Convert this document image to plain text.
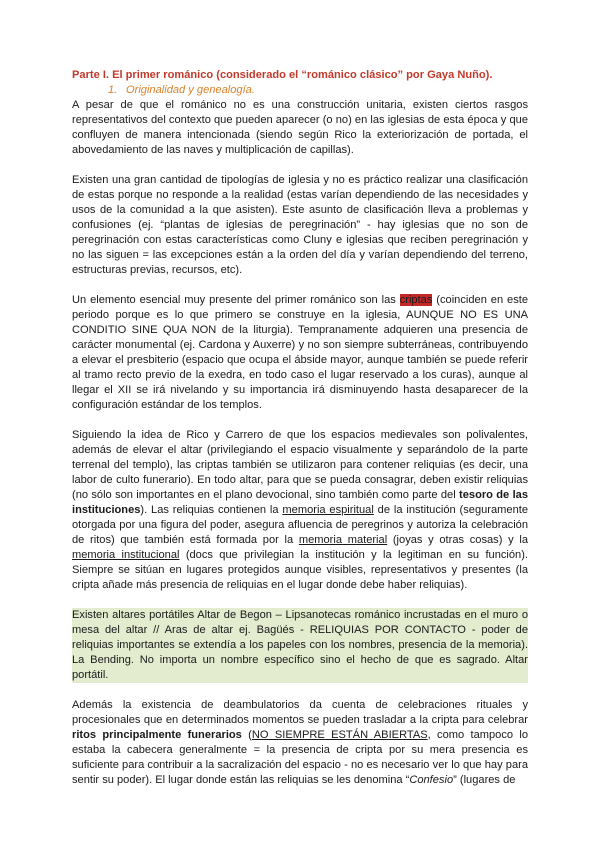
Parte I. El primer románico (considerado el “románico clásico” por Gaya Nuño).

1. Originalidad y genealogía.

A pesar de que el románico no es una construcción unitaria, existen ciertos rasgos representativos del contexto que pueden aparecer (o no) en las iglesias de esta época y que confluyen de manera intencionada (siendo según Rico la exteriorización de portada, el abovedamiento de las naves y multiplicación de capillas).

Existen una gran cantidad de tipologías de iglesia y no es práctico realizar una clasificación de estas porque no responde a la realidad (estas varían dependiendo de las necesidades y usos de la comunidad a la que asisten). Este asunto de clasificación lleva a problemas y confusiones (ej. “plantas de iglesias de peregrinación” - hay iglesias que no son de peregrinación con estas características como Cluny e iglesias que reciben peregrinación y no las siguen = las excepciones están a la orden del día y varían dependiendo del terreno, estructuras previas, recursos, etc).

Un elemento esencial muy presente del primer románico son las criptas (coinciden en este periodo porque es lo que primero se construye en la iglesia, AUNQUE NO ES UNA CONDITIO SINE QUA NON de la liturgia). Tempranamente adquieren una presencia de carácter monumental (ej. Cardona y Auxerre) y no son siempre subterráneas, contribuyendo a elevar el presbiterio (espacio que ocupa el ábside mayor, aunque también se puede referir al tramo recto previo de la exedra, en todo caso el lugar reservado a los curas), aunque al llegar el XII se irá nivelando y su importancia irá disminuyendo hasta desaparecer de la configuración estándar de los templos.

Siguiendo la idea de Rico y Carrero de que los espacios medievales son polivalentes, además de elevar el altar (privilegiando el espacio visualmente y separándolo de la parte terrenal del templo), las criptas también se utilizaron para contener reliquias (es decir, una labor de culto funerario). En todo altar, para que se pueda consagrar, deben existir reliquias (no sólo son importantes en el plano devocional, sino también como parte del tesoro de las instituciones). Las reliquias contienen la memoria espiritual de la institución (seguramente otorgada por una figura del poder, asegura afluencia de peregrinos y autoriza la celebración de ritos) que también está formada por la memoria material (joyas y otras cosas) y la memoria institucional (docs que privilegian la institución y la legitiman en su función). Siempre se sitúan en lugares protegidos aunque visibles, representativos y presentes (la cripta añade más presencia de reliquias en el lugar donde debe haber reliquias).

Existen altares portátiles Altar de Begon – Lipsanotecas románico incrustadas en el muro o mesa del altar // Aras de altar ej. Bagüés - RELIQUIAS POR CONTACTO - poder de reliquias importantes se extendía a los papeles con los nombres, presencia de la memoria). La Bending. No importa un nombre específico sino el hecho de que es sagrado. Altar portátil.

Además la existencia de deambulatorios da cuenta de celebraciones rituales y procesionales que en determinados momentos se pueden trasladar a la cripta para celebrar ritos principalmente funerarios (NO SIEMPRE ESTÁN ABIERTAS, como tampoco lo estaba la cabecera generalmente = la presencia de cripta por su mera presencia es suficiente para contribuir a la sacralización del espacio - no es necesario ver lo que hay para sentir su poder). El lugar donde están las reliquias se les denomina “Confesio” (lugares de
